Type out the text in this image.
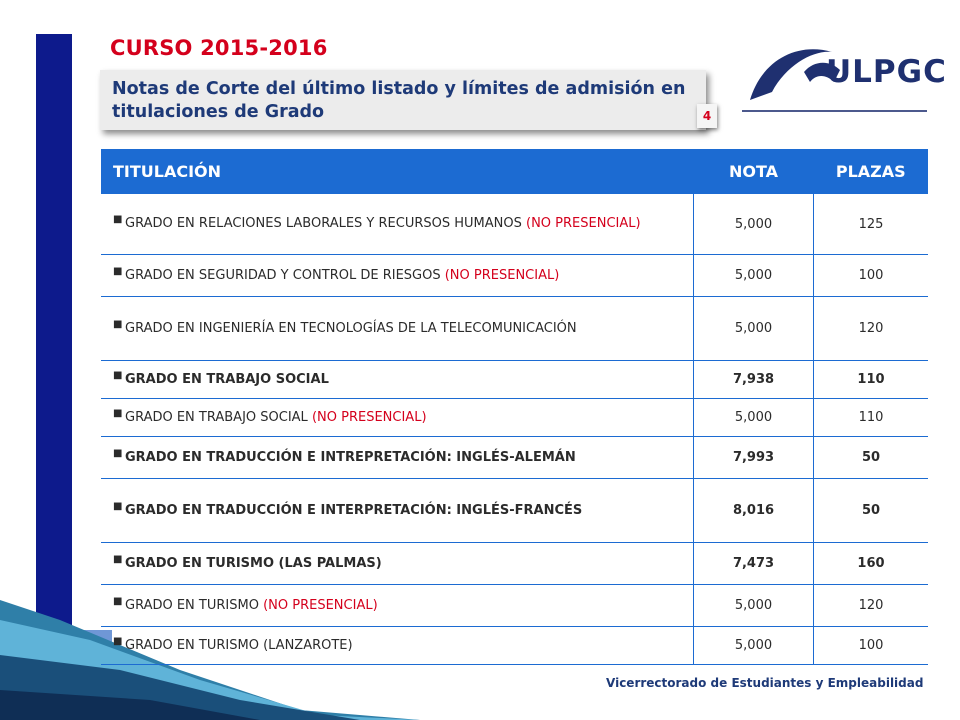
CURSO 2015-2016
Notas de Corte del último listado y límites de admisión en titulaciones de Grado	4
ULPGC
TITULACIÓN	NOTA	PLAZAS

■ GRADO EN RELACIONES LABORALES Y RECURSOS HUMANOS (NO PRESENCIAL)	5,000	125

■ GRADO EN SEGURIDAD Y CONTROL DE RIESGOS (NO PRESENCIAL)	5,000	100

■ GRADO EN INGENIERÍA EN TECNOLOGÍAS DE LA TELECOMUNICACIÓN	5,000	120

■ GRADO EN TRABAJO SOCIAL	7,938	110

■ GRADO EN TRABAJO SOCIAL (NO PRESENCIAL)	5,000	110

■ GRADO EN TRADUCCIÓN E INTREPRETACIÓN: INGLÉS-ALEMÁN	7,993	50

■ GRADO EN TRADUCCIÓN E INTERPRETACIÓN: INGLÉS-FRANCÉS	8,016	50

■ GRADO EN TURISMO (LAS PALMAS)	7,473	160

■ GRADO EN TURISMO (NO PRESENCIAL)	5,000	120

■ GRADO EN TURISMO (LANZAROTE)	5,000	100
Vicerrectorado de Estudiantes y Empleabilidad
